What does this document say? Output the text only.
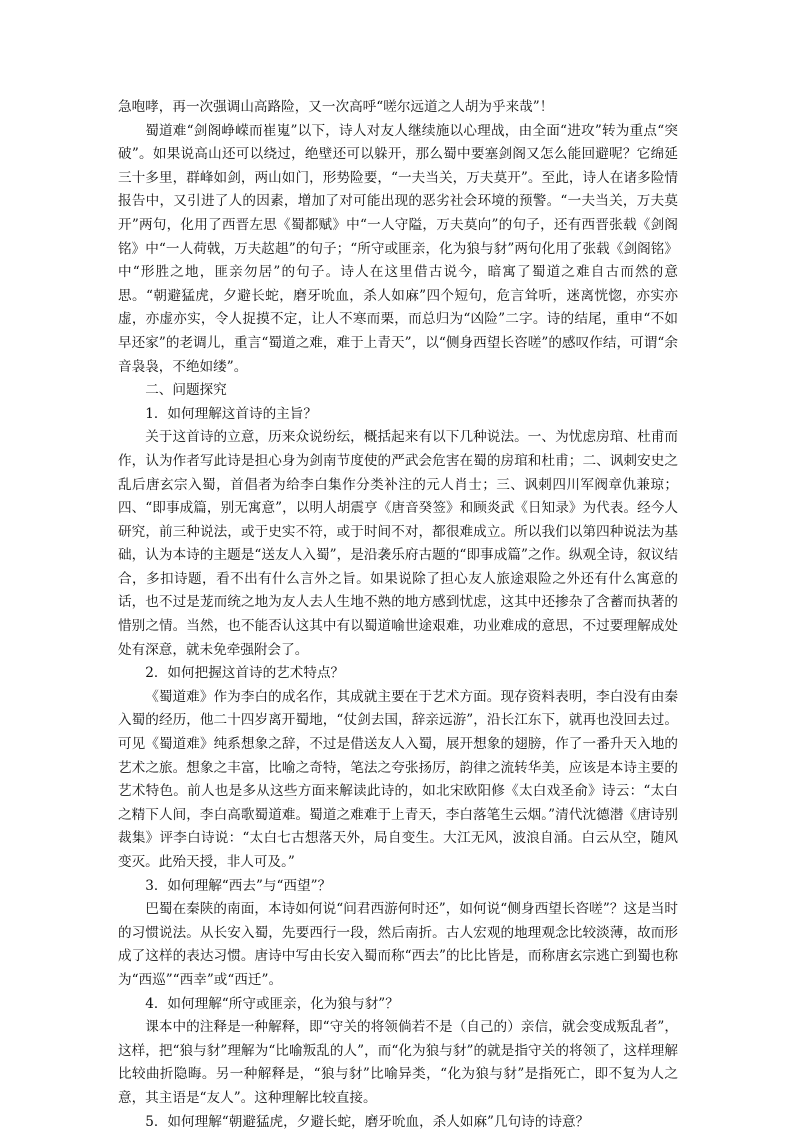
急咆哮，再一次强调山高路险，又一次高呼“嗟尔远道之人胡为乎来哉”！

蜀道难“剑阁峥嵘而崔嵬”以下，诗人对友人继续施以心理战，由全面“进攻”转为重点“突破”。如果说高山还可以绕过，绝壁还可以躲开，那么蜀中要塞剑阁又怎么能回避呢？它绵延三十多里，群峰如剑，两山如门，形势险要，“一夫当关，万夫莫开”。至此，诗人在诸多险情报告中，又引进了人的因素，增加了对可能出现的恶劣社会环境的预警。“一夫当关，万夫莫开”两句，化用了西晋左思《蜀都赋》中“一人守隘，万夫莫向”的句子，还有西晋张载《剑阁铭》中“一人荷戟，万夫赼趄”的句子；“所守或匪亲，化为狼与豺”两句化用了张载《剑阁铭》中“形胜之地，匪亲勿居”的句子。诗人在这里借古说今，暗寓了蜀道之难自古而然的意思。“朝避猛虎，夕避长蛇，磨牙吮血，杀人如麻”四个短句，危言耸听，迷离恍惚，亦实亦虚，亦虚亦实，令人捉摸不定，让人不寒而栗，而总归为“凶险”二字。诗的结尾，重申“不如早还家”的老调儿，重言“蜀道之难，难于上青天”，以“侧身西望长咨嗟”的感叹作结，可谓“余音袅袅，不绝如缕”。

二、问题探究

1．如何理解这首诗的主旨？

关于这首诗的立意，历来众说纷纭，概括起来有以下几种说法。一、为忧虑房琯、杜甫而作，认为作者写此诗是担心身为剑南节度使的严武会危害在蜀的房琯和杜甫；二、讽刺安史之乱后唐玄宗入蜀，首倡者为给李白集作分类补注的元人肖士；三、讽刺四川军阀章仇兼琼；四、“即事成篇，别无寓意”，以明人胡震亨《唐音癸签》和顾炎武《日知录》为代表。经今人研究，前三种说法，或于史实不符，或于时间不对，都很难成立。所以我们以第四种说法为基础，认为本诗的主题是“送友人入蜀”，是沿袭乐府古题的“即事成篇”之作。纵观全诗，叙议结合，多扣诗题，看不出有什么言外之旨。如果说除了担心友人旅途艰险之外还有什么寓意的话，也不过是茏而统之地为友人去人生地不熟的地方感到忧虑，这其中还掺杂了含蓄而执著的惜别之情。当然，也不能否认这其中有以蜀道喻世途艰难，功业难成的意思，不过要理解成处处有深意，就未免牵强附会了。

2．如何把握这首诗的艺术特点？

《蜀道难》作为李白的成名作，其成就主要在于艺术方面。现存资料表明，李白没有由秦入蜀的经历，他二十四岁离开蜀地，“仗剑去国，辞亲远游”，沿长江东下，就再也没回去过。可见《蜀道难》纯系想象之辞，不过是借送友人入蜀，展开想象的翅膀，作了一番升天入地的艺术之旅。想象之丰富，比喻之奇特，笔法之夸张扬厉，韵律之流转华美，应该是本诗主要的艺术特色。前人也是多从这些方面来解读此诗的，如北宋欧阳修《太白戏圣俞》诗云：“太白之精下人间，李白高歌蜀道难。蜀道之难难于上青天，李白落笔生云烟。”清代沈德潜《唐诗别裁集》评李白诗说：“太白七古想落天外，局自变生。大江无风，波浪自涌。白云从空，随风变灭。此殆天授，非人可及。”

3．如何理解“西去”与“西望”？

巴蜀在秦陕的南面，本诗如何说“问君西游何时还”，如何说“侧身西望长咨嗟”？这是当时的习惯说法。从长安入蜀，先要西行一段，然后南折。古人宏观的地理观念比较淡薄，故而形成了这样的表达习惯。唐诗中写由长安入蜀而称“西去”的比比皆是，而称唐玄宗逃亡到蜀也称为“西巡”“西幸”或“西迁”。

4．如何理解“所守或匪亲，化为狼与豺”？

课本中的注释是一种解释，即“守关的将领倘若不是（自己的）亲信，就会变成叛乱者”，这样，把“狼与豺”理解为“比喻叛乱的人”，而“化为狼与豺”的就是指守关的将领了，这样理解比较曲折隐晦。另一种解释是，“狼与豺”比喻异类，“化为狼与豺”是指死亡，即不复为人之意，其主语是“友人”。这种理解比较直接。

5．如何理解“朝避猛虎，夕避长蛇，磨牙吮血，杀人如麻”几句诗的诗意？
